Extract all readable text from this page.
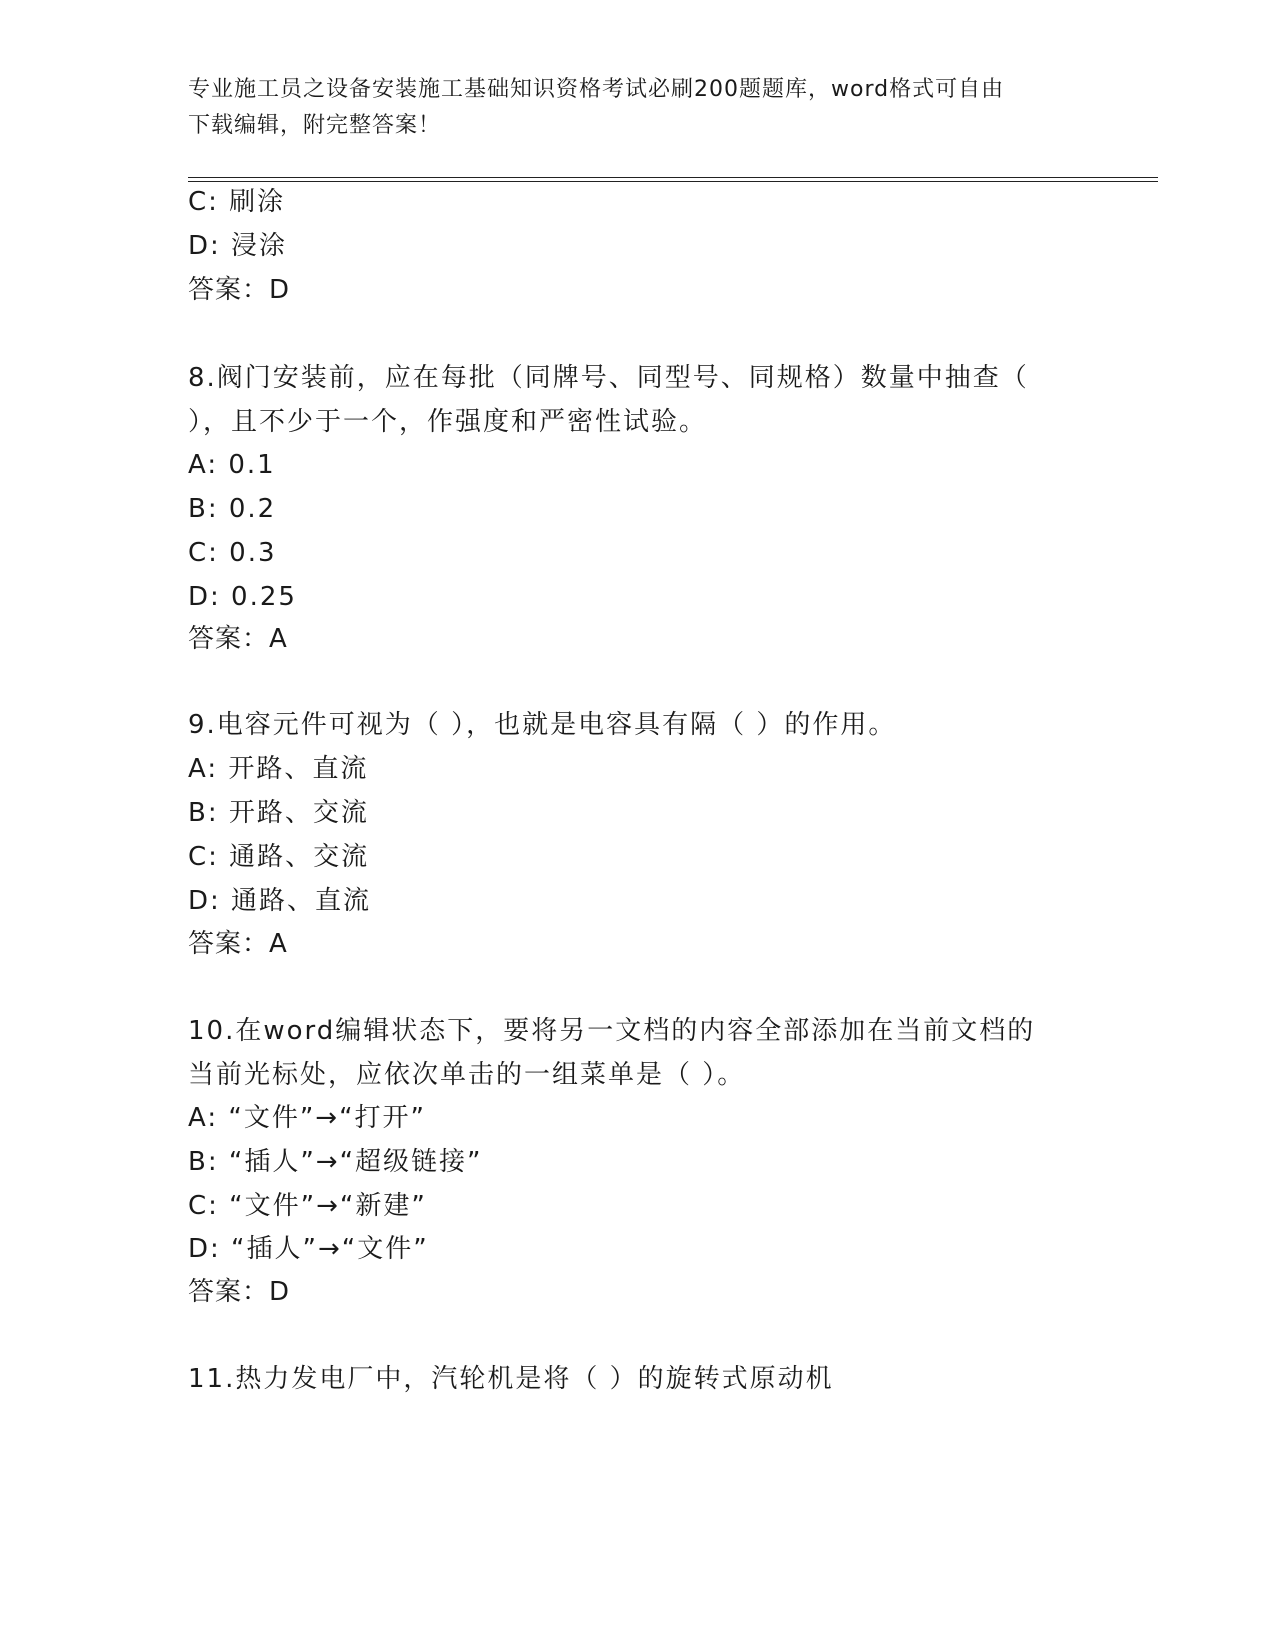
专业施工员之设备安装施工基础知识资格考试必刷200题题库，word格式可自由
下载编辑，附完整答案！
C: 刷涂
D: 浸涂
答案：D
8.阀门安装前，应在每批（同牌号、同型号、同规格）数量中抽查（
），且不少于一个，作强度和严密性试验。
A: 0.1
B: 0.2
C: 0.3
D: 0.25
答案：A
9.电容元件可视为（ ），也就是电容具有隔（ ）的作用。
A: 开路、直流
B: 开路、交流
C: 通路、交流
D: 通路、直流
答案：A
10.在word编辑状态下，要将另一文档的内容全部添加在当前文档的
当前光标处，应依次单击的一组菜单是（ ）。
A: “文件”→“打开”
B: “插人”→“超级链接”
C: “文件”→“新建”
D: “插人”→“文件”
答案：D
11.热力发电厂中，汽轮机是将（ ）的旋转式原动机
